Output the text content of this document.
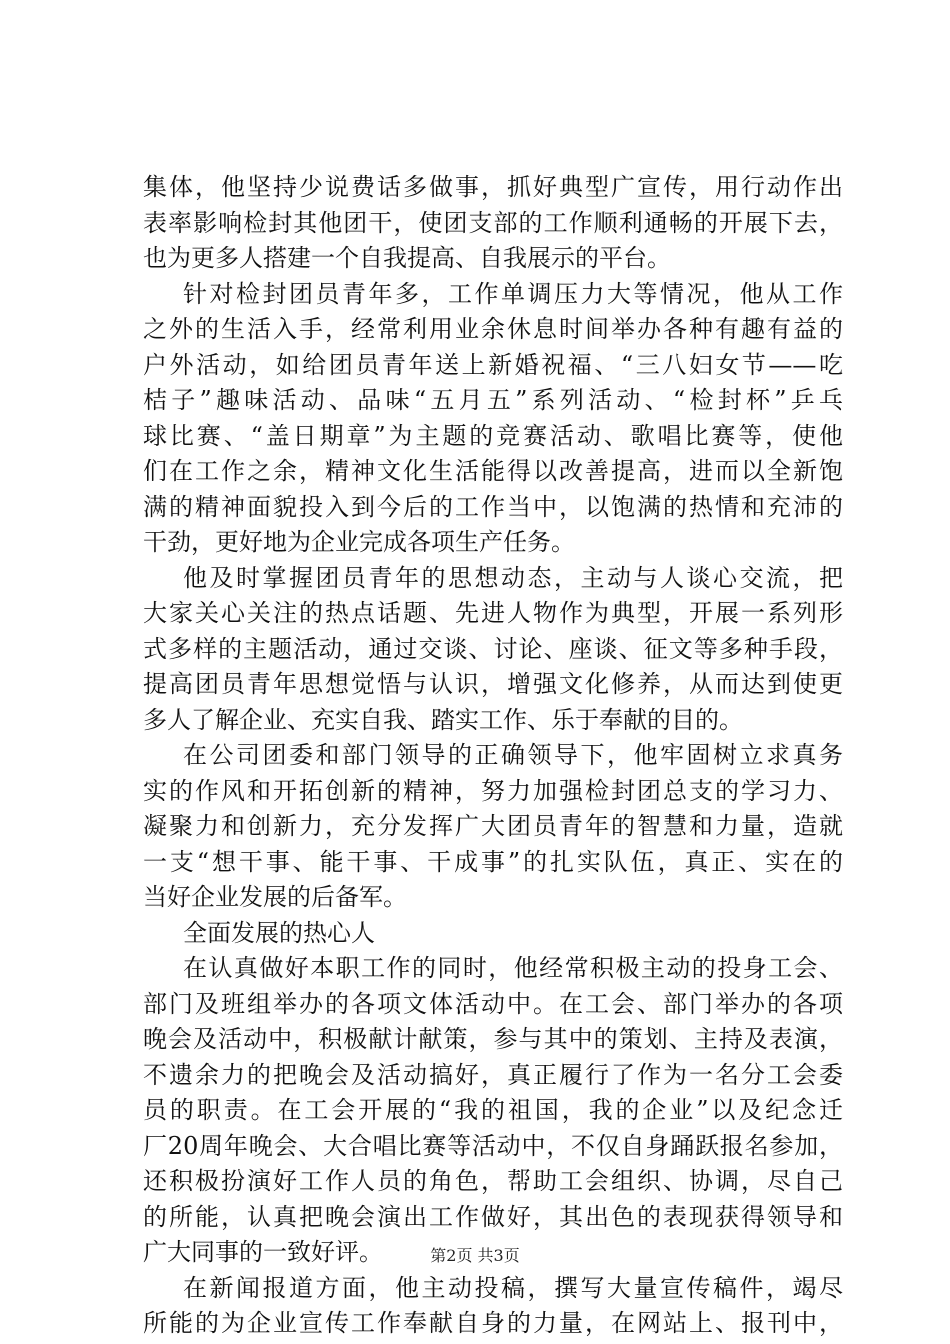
集体，他坚持少说费话多做事，抓好典型广宣传，用行动作出
表率影响检封其他团干，使团支部的工作顺利通畅的开展下去，
也为更多人搭建一个自我提高、自我展示的平台。
针对检封团员青年多，工作单调压力大等情况，他从工作
之外的生活入手，经常利用业余休息时间举办各种有趣有益的
户外活动，如给团员青年送上新婚祝福、“三八妇女节——吃
桔子”趣味活动、品味“五月五”系列活动、“检封杯”乒乓
球比赛、“盖日期章”为主题的竞赛活动、歌唱比赛等，使他
们在工作之余，精神文化生活能得以改善提高，进而以全新饱
满的精神面貌投入到今后的工作当中，以饱满的热情和充沛的
干劲，更好地为企业完成各项生产任务。
他及时掌握团员青年的思想动态，主动与人谈心交流，把
大家关心关注的热点话题、先进人物作为典型，开展一系列形
式多样的主题活动，通过交谈、讨论、座谈、征文等多种手段，
提高团员青年思想觉悟与认识，增强文化修养，从而达到使更
多人了解企业、充实自我、踏实工作、乐于奉献的目的。
在公司团委和部门领导的正确领导下，他牢固树立求真务
实的作风和开拓创新的精神，努力加强检封团总支的学习力、
凝聚力和创新力，充分发挥广大团员青年的智慧和力量，造就
一支“想干事、能干事、干成事”的扎实队伍，真正、实在的
当好企业发展的后备军。
全面发展的热心人
在认真做好本职工作的同时，他经常积极主动的投身工会、
部门及班组举办的各项文体活动中。在工会、部门举办的各项
晚会及活动中，积极献计献策，参与其中的策划、主持及表演，
不遗余力的把晚会及活动搞好，真正履行了作为一名分工会委
员的职责。在工会开展的“我的祖国，我的企业”以及纪念迁
厂20周年晚会、大合唱比赛等活动中，不仅自身踊跃报名参加，
还积极扮演好工作人员的角色，帮助工会组织、协调，尽自己
的所能，认真把晚会演出工作做好，其出色的表现获得领导和
广大同事的一致好评。
在新闻报道方面，他主动投稿，撰写大量宣传稿件，竭尽
所能的为企业宣传工作奉献自身的力量，在网站上、报刊中，
第2页 共3页
